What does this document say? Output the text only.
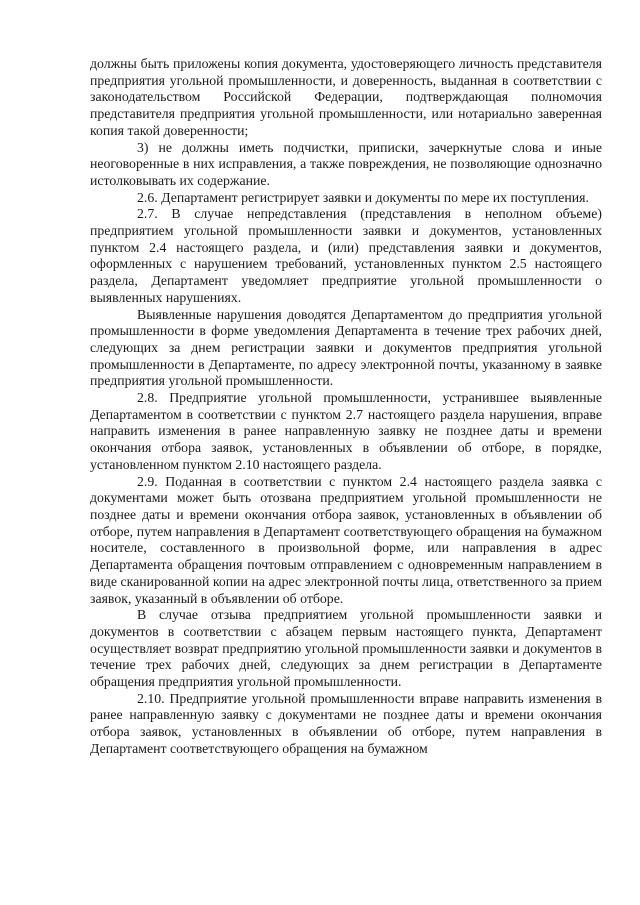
должны быть приложены копия документа, удостоверяющего личность представителя предприятия угольной промышленности, и доверенность, выданная в соответствии с законодательством Российской Федерации, подтверждающая полномочия представителя предприятия угольной промышленности, или нотариально заверенная копия такой доверенности;

3) не должны иметь подчистки, приписки, зачеркнутые слова и иные неоговоренные в них исправления, а также повреждения, не позволяющие однозначно истолковывать их содержание.

2.6. Департамент регистрирует заявки и документы по мере их поступления.

2.7. В случае непредставления (представления в неполном объеме) предприятием угольной промышленности заявки и документов, установленных пунктом 2.4 настоящего раздела, и (или) представления заявки и документов, оформленных с нарушением требований, установленных пунктом 2.5 настоящего раздела, Департамент уведомляет предприятие угольной промышленности о выявленных нарушениях.

Выявленные нарушения доводятся Департаментом до предприятия угольной промышленности в форме уведомления Департамента в течение трех рабочих дней, следующих за днем регистрации заявки и документов предприятия угольной промышленности в Департаменте, по адресу электронной почты, указанному в заявке предприятия угольной промышленности.

2.8. Предприятие угольной промышленности, устранившее выявленные Департаментом в соответствии с пунктом 2.7 настоящего раздела нарушения, вправе направить изменения в ранее направленную заявку не позднее даты и времени окончания отбора заявок, установленных в объявлении об отборе, в порядке, установленном пунктом 2.10 настоящего раздела.

2.9. Поданная в соответствии с пунктом 2.4 настоящего раздела заявка с документами может быть отозвана предприятием угольной промышленности не позднее даты и времени окончания отбора заявок, установленных в объявлении об отборе, путем направления в Департамент соответствующего обращения на бумажном носителе, составленного в произвольной форме, или направления в адрес Департамента обращения почтовым отправлением с одновременным направлением в виде сканированной копии на адрес электронной почты лица, ответственного за прием заявок, указанный в объявлении об отборе.

В случае отзыва предприятием угольной промышленности заявки и документов в соответствии с абзацем первым настоящего пункта, Департамент осуществляет возврат предприятию угольной промышленности заявки и документов в течение трех рабочих дней, следующих за днем регистрации в Департаменте обращения предприятия угольной промышленности.

2.10. Предприятие угольной промышленности вправе направить изменения в ранее направленную заявку с документами не позднее даты и времени окончания отбора заявок, установленных в объявлении об отборе, путем направления в Департамент соответствующего обращения на бумажном
